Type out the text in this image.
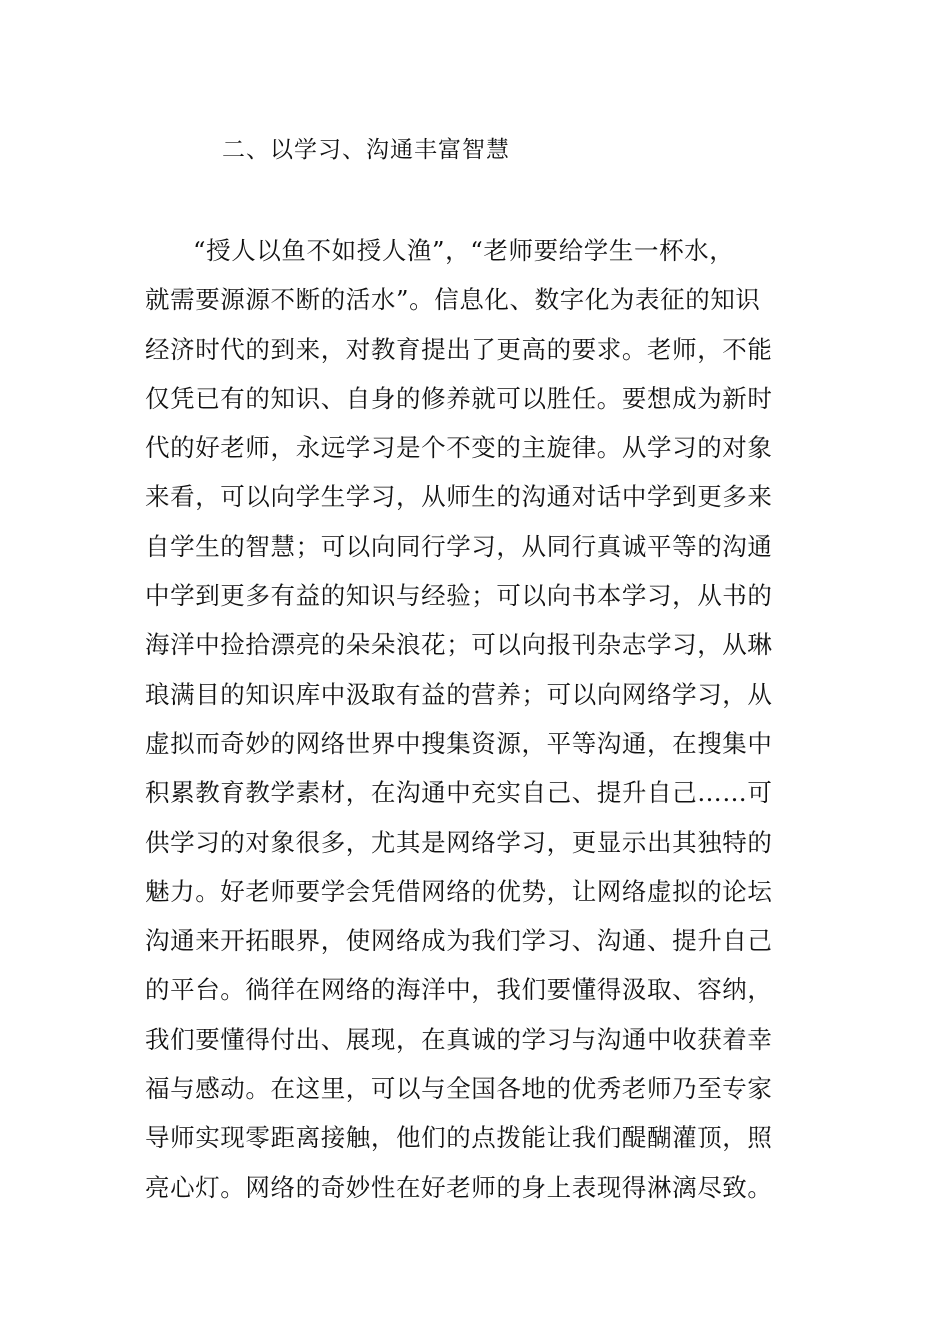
二、以学习、沟通丰富智慧
“授人以鱼不如授人渔”，“老师要给学生一杯水，
就需要源源不断的活水”。信息化、数字化为表征的知识
经济时代的到来，对教育提出了更高的要求。老师，不能
仅凭已有的知识、自身的修养就可以胜任。要想成为新时
代的好老师，永远学习是个不变的主旋律。从学习的对象
来看，可以向学生学习，从师生的沟通对话中学到更多来
自学生的智慧；可以向同行学习，从同行真诚平等的沟通
中学到更多有益的知识与经验；可以向书本学习，从书的
海洋中捡拾漂亮的朵朵浪花；可以向报刊杂志学习，从琳
琅满目的知识库中汲取有益的营养；可以向网络学习，从
虚拟而奇妙的网络世界中搜集资源，平等沟通，在搜集中
积累教育教学素材，在沟通中充实自己、提升自己……可
供学习的对象很多，尤其是网络学习，更显示出其独特的
魅力。好老师要学会凭借网络的优势，让网络虚拟的论坛
沟通来开拓眼界，使网络成为我们学习、沟通、提升自己
的平台。徜徉在网络的海洋中，我们要懂得汲取、容纳，
我们要懂得付出、展现，在真诚的学习与沟通中收获着幸
福与感动。在这里，可以与全国各地的优秀老师乃至专家
导师实现零距离接触，他们的点拨能让我们醍醐灌顶，照
亮心灯。网络的奇妙性在好老师的身上表现得淋漓尽致。
